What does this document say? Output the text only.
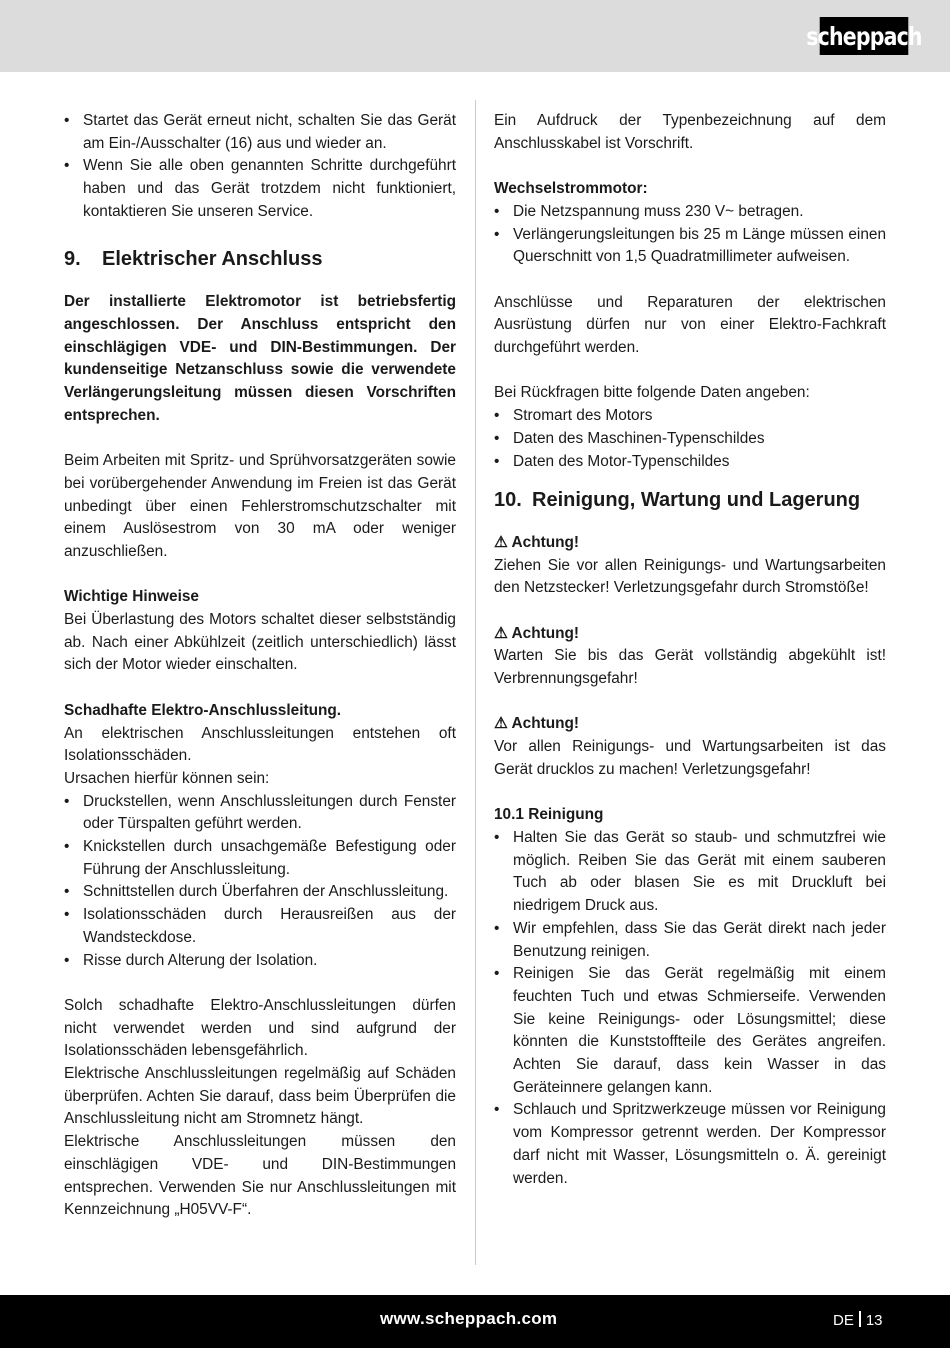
scheppach
• Startet das Gerät erneut nicht, schalten Sie das Gerät am Ein-/Ausschalter (16) aus und wieder an.
• Wenn Sie alle oben genannten Schritte durchgeführt haben und das Gerät trotzdem nicht funktioniert, kontaktieren Sie unseren Service.
9. Elektrischer Anschluss

Der installierte Elektromotor ist betriebsfertig angeschlossen. Der Anschluss entspricht den einschlägigen VDE- und DIN-Bestimmungen. Der kundenseitige Netzanschluss sowie die verwendete Verlängerungsleitung müssen diesen Vorschriften entsprechen.

Beim Arbeiten mit Spritz- und Sprühvorsatzgeräten sowie bei vorübergehender Anwendung im Freien ist das Gerät unbedingt über einen Fehlerstromschutzschalter mit einem Auslösestrom von 30 mA oder weniger anzuschließen.

Wichtige Hinweise

Bei Überlastung des Motors schaltet dieser selbstständig ab. Nach einer Abkühlzeit (zeitlich unterschiedlich) lässt sich der Motor wieder einschalten.

Schadhafte Elektro-Anschlussleitung.

An elektrischen Anschlussleitungen entstehen oft Isolationsschäden.

Ursachen hierfür können sein:

• Druckstellen, wenn Anschlussleitungen durch Fenster oder Türspalten geführt werden.
• Knickstellen durch unsachgemäße Befestigung oder Führung der Anschlussleitung.
• Schnittstellen durch Überfahren der Anschlussleitung.
• Isolationsschäden durch Herausreißen aus der Wandsteckdose.
• Risse durch Alterung der Isolation.

Solch schadhafte Elektro-Anschlussleitungen dürfen nicht verwendet werden und sind aufgrund der Isolationsschäden lebensgefährlich.

Elektrische Anschlussleitungen regelmäßig auf Schäden überprüfen. Achten Sie darauf, dass beim Überprüfen die Anschlussleitung nicht am Stromnetz hängt.

Elektrische Anschlussleitungen müssen den einschlägigen VDE- und DIN-Bestimmungen entsprechen. Verwenden Sie nur Anschlussleitungen mit Kennzeichnung „H05VV-F“.

Ein Aufdruck der Typenbezeichnung auf dem Anschlusskabel ist Vorschrift.

Wechselstrommotor:

• Die Netzspannung muss 230 V~ betragen.
• Verlängerungsleitungen bis 25 m Länge müssen einen Querschnitt von 1,5 Quadratmillimeter aufweisen.

Anschlüsse und Reparaturen der elektrischen Ausrüstung dürfen nur von einer Elektro-Fachkraft durchgeführt werden.

Bei Rückfragen bitte folgende Daten angeben:

• Stromart des Motors
• Daten des Maschinen-Typenschildes
• Daten des Motor-Typenschildes
10. Reinigung, Wartung und Lagerung

⚠ Achtung!

Ziehen Sie vor allen Reinigungs- und Wartungsarbeiten den Netzstecker! Verletzungsgefahr durch Stromstöße!

⚠ Achtung!

Warten Sie bis das Gerät vollständig abgekühlt ist! Verbrennungsgefahr!

⚠ Achtung!

Vor allen Reinigungs- und Wartungsarbeiten ist das Gerät drucklos zu machen! Verletzungsgefahr!

10.1 Reinigung

• Halten Sie das Gerät so staub- und schmutzfrei wie möglich. Reiben Sie das Gerät mit einem sauberen Tuch ab oder blasen Sie es mit Druckluft bei niedrigem Druck aus.
• Wir empfehlen, dass Sie das Gerät direkt nach jeder Benutzung reinigen.
• Reinigen Sie das Gerät regelmäßig mit einem feuchten Tuch und etwas Schmierseife. Verwenden Sie keine Reinigungs- oder Lösungsmittel; diese könnten die Kunststoffteile des Gerätes angreifen. Achten Sie darauf, dass kein Wasser in das Geräteinnere gelangen kann.
• Schlauch und Spritzwerkzeuge müssen vor Reinigung vom Kompressor getrennt werden. Der Kompressor darf nicht mit Wasser, Lösungsmitteln o. Ä. gereinigt werden.
www.scheppach.com	DE 13
